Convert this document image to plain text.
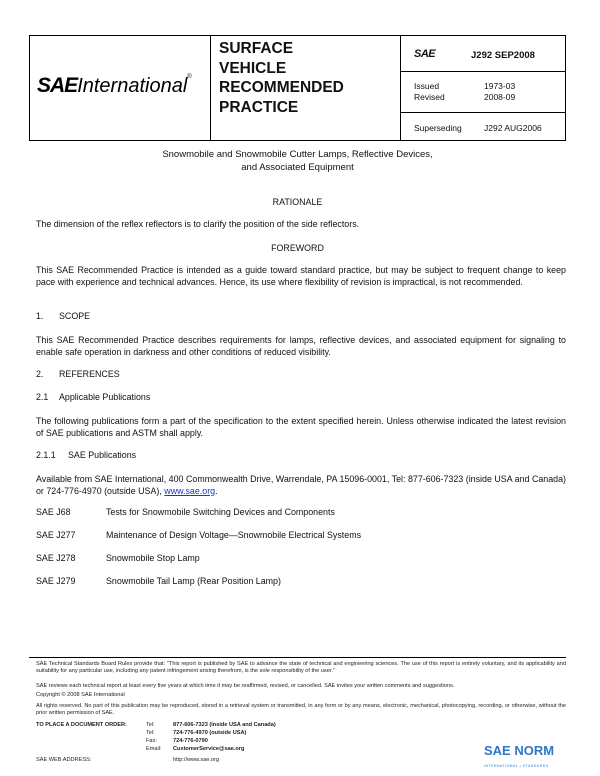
SAEInternational®
SURFACE
VEHICLE
RECOMMENDED
PRACTICE
SAE	J292 SEP2008
Issued	1973-03
Revised	2008-09
Superseding	J292 AUG2006
Snowmobile and Snowmobile Cutter Lamps, Reflective Devices,
and Associated Equipment
RATIONALE
The dimension of the reflex reflectors is to clarify the position of the side reflectors.
FOREWORD
This SAE Recommended Practice is intended as a guide toward standard practice, but may be subject to frequent change to keep pace with experience and technical advances. Hence, its use where flexibility of revision is impractical, is not recommended.
1. SCOPE
This SAE Recommended Practice describes requirements for lamps, reflective devices, and associated equipment for signaling to enable safe operation in darkness and other conditions of reduced visibility.
2. REFERENCES
2.1 Applicable Publications
The following publications form a part of the specification to the extent specified herein. Unless otherwise indicated the latest revision of SAE publications and ASTM shall apply.
2.1.1 SAE Publications
Available from SAE International, 400 Commonwealth Drive, Warrendale, PA 15096-0001, Tel: 877-606-7323 (inside USA and Canada) or 724-776-4970 (outside USA), www.sae.org.
SAE J68	Tests for Snowmobile Switching Devices and Components
SAE J277	Maintenance of Design Voltage—Snowmobile Electrical Systems
SAE J278	Snowmobile Stop Lamp
SAE J279	Snowmobile Tail Lamp (Rear Position Lamp)
SAE Technical Standards Board Rules provide that: "This report is published by SAE to advance the state of technical and engineering sciences. The use of this report is entirely voluntary, and its applicability and suitability for any particular use, including any patent infringement arising therefrom, is the sole responsibility of the user."
SAE reviews each technical report at least every five years at which time it may be reaffirmed, revised, or cancelled. SAE invites your written comments and suggestions.
Copyright © 2008 SAE International
All rights reserved. No part of this publication may be reproduced, stored in a retrieval system or transmitted, in any form or by any means, electronic, mechanical, photocopying, recording, or otherwise, without the prior written permission of SAE.
TO PLACE A DOCUMENT ORDER:	Tel:	877-606-7323 (inside USA and Canada)
Tel:	724-776-4970 (outside USA)
Fax:	724-776-0790
Email: CustomerService@sae.org
SAE WEB ADDRESS:	http://www.sae.org
SAE NORM
INTERNATIONAL • STANDARDS
